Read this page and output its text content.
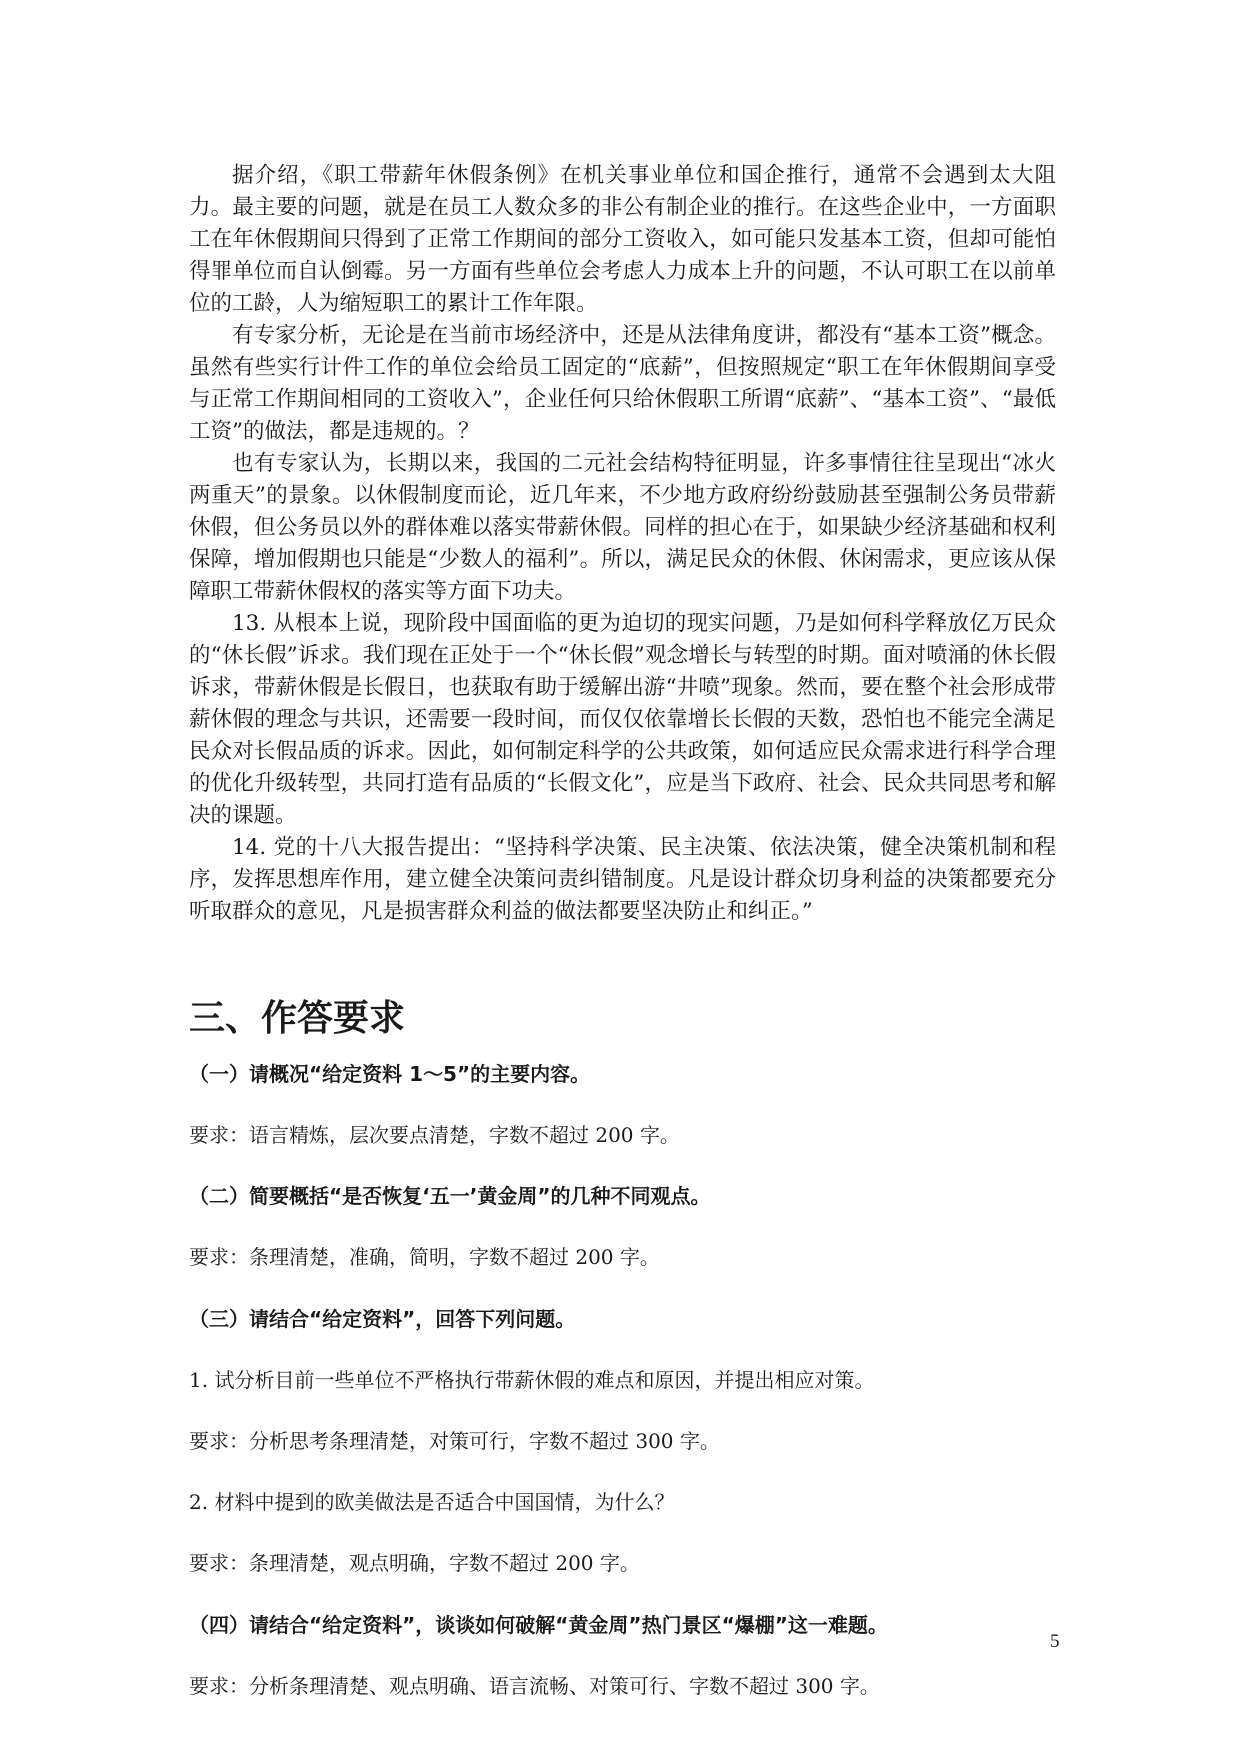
据介绍，《职工带薪年休假条例》在机关事业单位和国企推行，通常不会遇到太大阻力。最主要的问题，就是在员工人数众多的非公有制企业的推行。在这些企业中，一方面职工在年休假期间只得到了正常工作期间的部分工资收入，如可能只发基本工资，但却可能怕得罪单位而自认倒霉。另一方面有些单位会考虑人力成本上升的问题，不认可职工在以前单位的工龄，人为缩短职工的累计工作年限。

有专家分析，无论是在当前市场经济中，还是从法律角度讲，都没有“基本工资”概念。虽然有些实行计件工作的单位会给员工固定的“底薪”，但按照规定“职工在年休假期间享受与正常工作期间相同的工资收入”，企业任何只给休假职工所谓“底薪”、“基本工资”、“最低工资”的做法，都是违规的。？

也有专家认为，长期以来，我国的二元社会结构特征明显，许多事情往往呈现出“冰火两重天”的景象。以休假制度而论，近几年来，不少地方政府纷纷鼓励甚至强制公务员带薪休假，但公务员以外的群体难以落实带薪休假。同样的担心在于，如果缺少经济基础和权利保障，增加假期也只能是“少数人的福利”。所以，满足民众的休假、休闲需求，更应该从保障职工带薪休假权的落实等方面下功夫。

13. 从根本上说，现阶段中国面临的更为迫切的现实问题，乃是如何科学释放亿万民众的“休长假”诉求。我们现在正处于一个“休长假”观念增长与转型的时期。面对喷涌的休长假诉求，带薪休假是长假日，也获取有助于缓解出游“井喷”现象。然而，要在整个社会形成带薪休假的理念与共识，还需要一段时间，而仅仅依靠增长长假的天数，恐怕也不能完全满足民众对长假品质的诉求。因此，如何制定科学的公共政策，如何适应民众需求进行科学合理的优化升级转型，共同打造有品质的“长假文化”，应是当下政府、社会、民众共同思考和解决的课题。

14. 党的十八大报告提出：“坚持科学决策、民主决策、依法决策，健全决策机制和程序，发挥思想库作用，建立健全决策问责纠错制度。凡是设计群众切身利益的决策都要充分听取群众的意见，凡是损害群众利益的做法都要坚决防止和纠正。”

三、作答要求

（一）请概况“给定资料 1～5”的主要内容。

要求：语言精炼，层次要点清楚，字数不超过 200 字。

（二）简要概括“是否恢复‘五一’黄金周”的几种不同观点。

要求：条理清楚，准确，简明，字数不超过 200 字。

（三）请结合“给定资料”，回答下列问题。

1. 试分析目前一些单位不严格执行带薪休假的难点和原因，并提出相应对策。

要求：分析思考条理清楚，对策可行，字数不超过 300 字。

2. 材料中提到的欧美做法是否适合中国国情，为什么？

要求：条理清楚，观点明确，字数不超过 200 字。

（四）请结合“给定资料”，谈谈如何破解“黄金周”热门景区“爆棚”这一难题。

要求：分析条理清楚、观点明确、语言流畅、对策可行、字数不超过 300 字。

5
